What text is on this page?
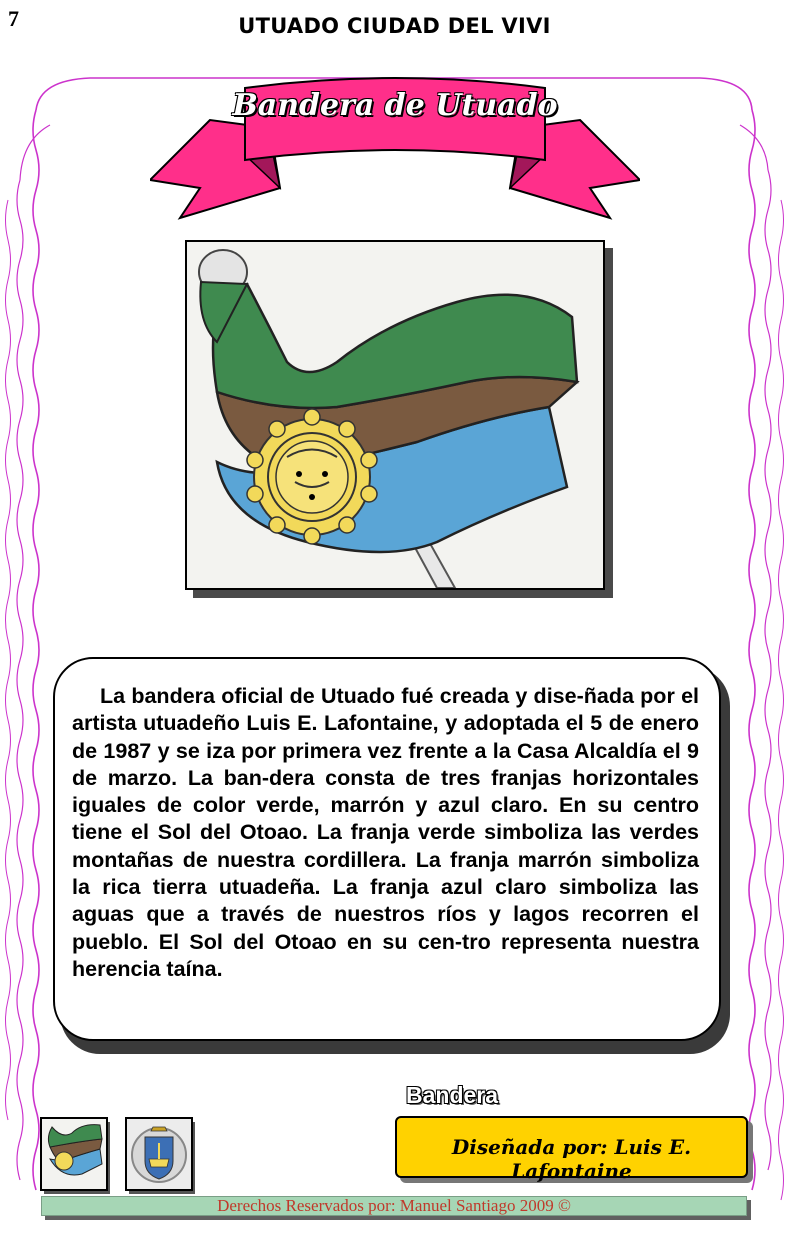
7	UTUADO CIUDAD DEL VIVI
Bandera de Utuado

La bandera oficial de Utuado fué creada y dise-ñada por el artista utuadeño Luis E. Lafontaine, y adoptada el 5 de enero de 1987 y se iza por primera vez frente a la Casa Alcaldía el 9 de marzo. La ban-dera consta de tres franjas horizontales iguales de color verde, marrón y azul claro. En su centro tiene el Sol del Otoao. La franja verde simboliza las verdes montañas de nuestra cordillera. La franja marrón simboliza la rica tierra utuadeña. La franja azul claro simboliza las aguas que a través de nuestros ríos y lagos recorren el pueblo. El Sol del Otoao en su cen-tro representa nuestra herencia taína.

Bandera
Diseñada por: Luis E. Lafontaine
Derechos Reservados por: Manuel Santiago 2009 ©
